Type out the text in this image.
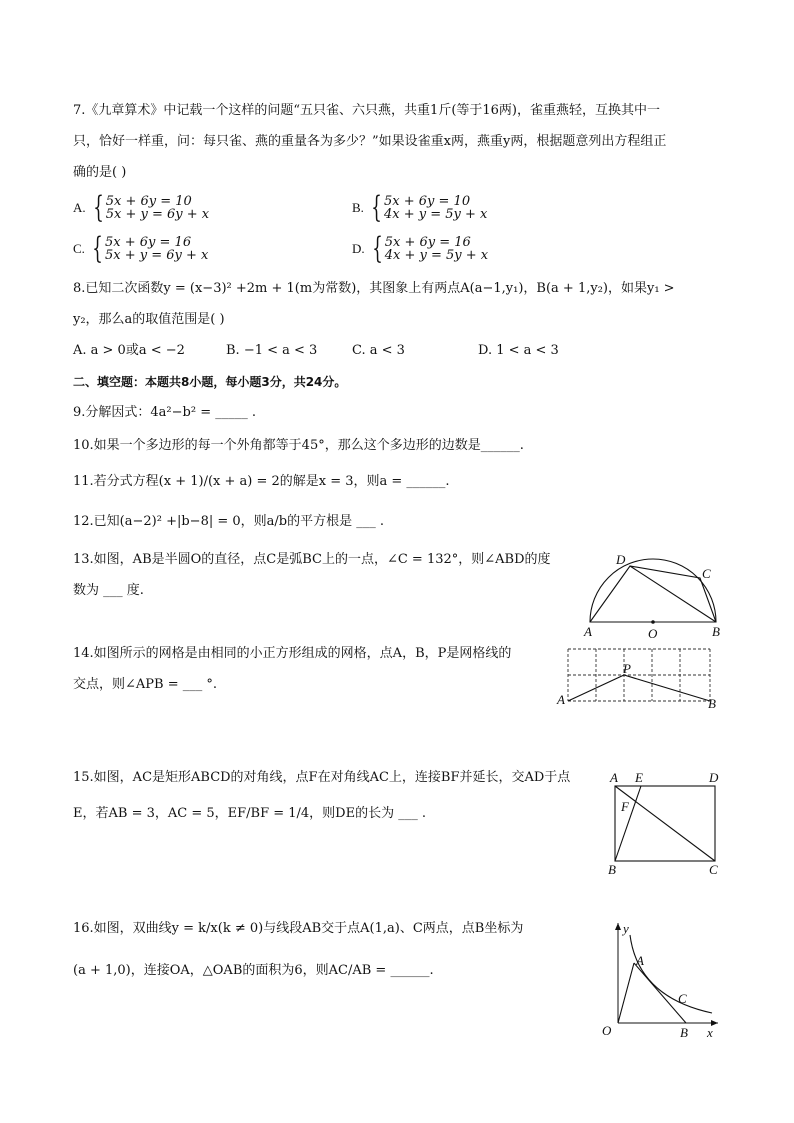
7.《九章算术》中记载一个这样的问题“五只雀、六只燕，共重1斤(等于16两)，雀重燕轻，互换其中一
只，恰好一样重，问：每只雀、燕的重量各为多少？”如果设雀重x两，燕重y两，根据题意列出方程组正
确的是( )
A. { 5x + 6y = 10
5x + y = 6y + x	B. { 5x + 6y = 10
4x + y = 5y + x
C. { 5x + 6y = 16
5x + y = 6y + x	D. { 5x + 6y = 16
4x + y = 5y + x
8.已知二次函数y = (x−3)² +2m + 1(m为常数)，其图象上有两点A(a−1,y₁)，B(a + 1,y₂)，如果y₁ >
y₂，那么a的取值范围是( )
A. a > 0或a < −2	B. −1 < a < 3	C. a < 3	D. 1 < a < 3
二、填空题：本题共8小题，每小题3分，共24分。
9.分解因式：4a²−b² = _____ .
10.如果一个多边形的每一个外角都等于45°，那么这个多边形的边数是______.
11.若分式方程(x + 1)/(x + a) = 2的解是x = 3，则a = ______.
12.已知(a−2)² +|b−8| = 0，则a/b的平方根是 ___ .
13.如图，AB是半圆O的直径，点C是弧BC上的一点，∠C = 132°，则∠ABD的度
数为 ___ 度.
A	B
C
D
O
14.如图所示的网格是由相同的小正方形组成的网格，点A，B，P是网格线的
交点，则∠APB = ___ °.
A	B
P
15.如图，AC是矩形ABCD的对角线，点F在对角线AC上，连接BF并延长，交AD于点
E，若AB = 3，AC = 5，EF/BF = 1/4，则DE的长为 ___ .
A E	D
F
B	C
16.如图，双曲线y = k/x(k ≠ 0)与线段AB交于点A(1,a)、C两点，点B坐标为
(a + 1,0)，连接OA，△OAB的面积为6，则AC/AB = ______.
y
x
O
A
C
B
